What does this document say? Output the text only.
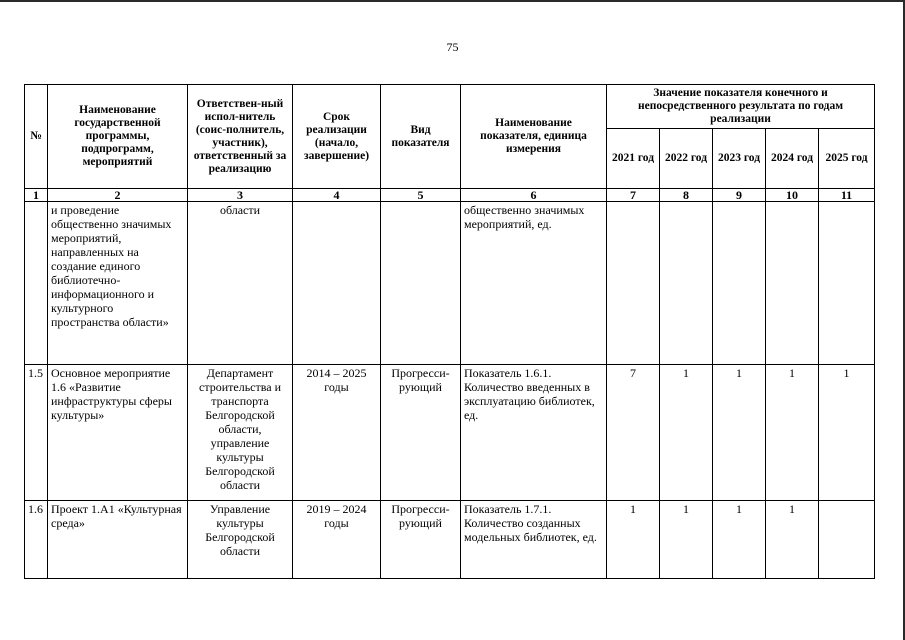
75
№	Наименование государственной программы, подпрограмм, мероприятий	Ответствен-ный испол-нитель (соис-полнитель, участник), ответственный за реализацию	Срок реализации (начало, завершение)	Вид показателя	Наименование показателя, единица измерения	Значение показателя конечного и непосредственного результата по годам реализации				
						2021 год	2022 год	2023 год	2024 год	2025 год
1	2	3	4	5	6	7	8	9	10	11
	и проведение общественно значимых мероприятий, направленных на создание единого библиотечно-информационного и культурного пространства области»	области			общественно значимых мероприятий, ед.					
1.5	Основное мероприятие 1.6 «Развитие инфраструктуры сферы культуры»	Департамент строительства и транспорта Белгородской области, управление культуры Белгородской области	2014 – 2025 годы	Прогресси-рующий	Показатель 1.6.1. Количество введенных в эксплуатацию библиотек, ед.	7	1	1	1	1
1.6	Проект 1.А1 «Культурная среда»	Управление культуры Белгородской области	2019 – 2024 годы	Прогресси-рующий	Показатель 1.7.1. Количество созданных модельных библиотек, ед.	1	1	1	1	
